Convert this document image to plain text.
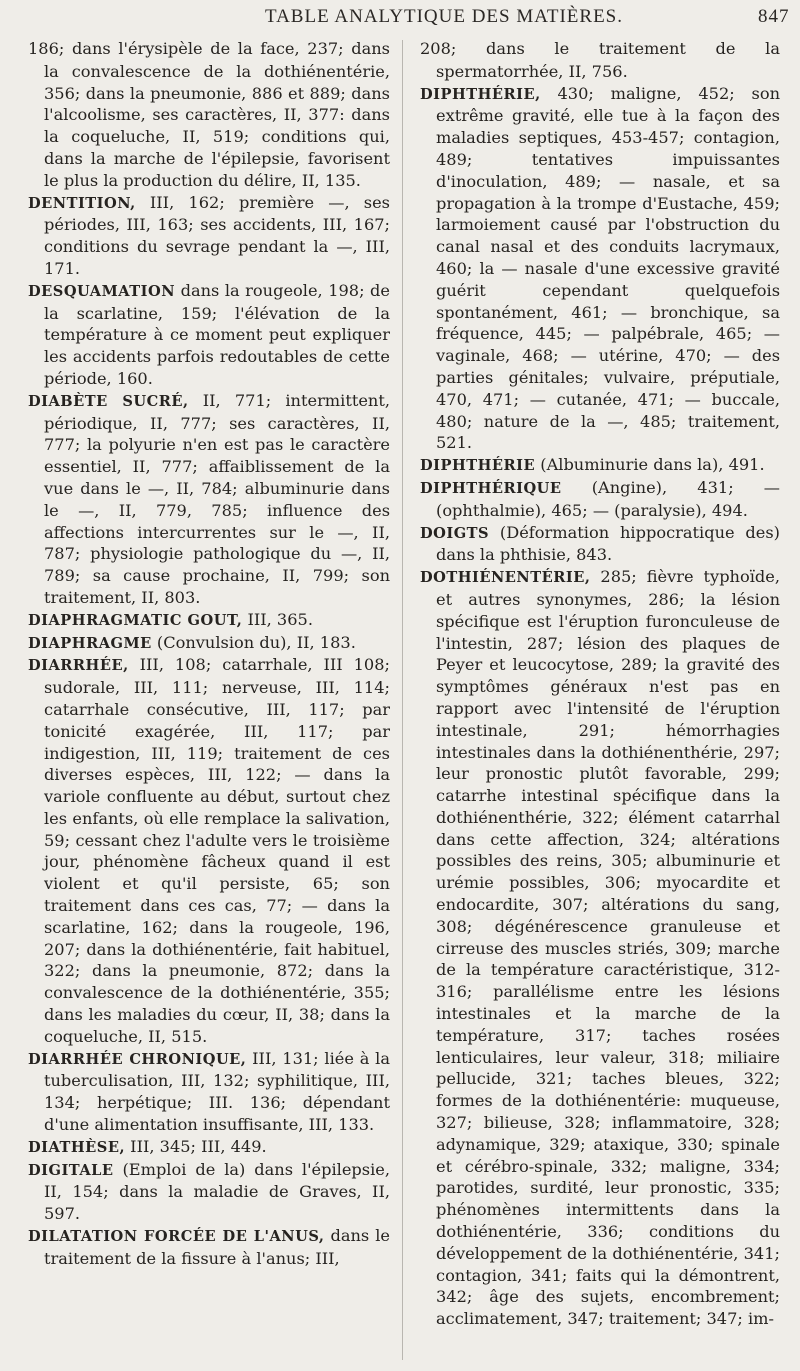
TABLE ANALYTIQUE DES MATIÈRES.	847

186; dans l'érysipèle de la face, 237; dans la convalescence de la dothiénentérie, 356; dans la pneumonie, 886 et 889; dans l'alcoolisme, ses caractères, II, 377: dans la coqueluche, II, 519; conditions qui, dans la marche de l'épilepsie, favorisent le plus la production du délire, II, 135.

DENTITION, III, 162; première —, ses périodes, III, 163; ses accidents, III, 167; conditions du sevrage pendant la —, III, 171.

DESQUAMATION dans la rougeole, 198; de la scarlatine, 159; l'élévation de la température à ce moment peut expliquer les accidents parfois redoutables de cette période, 160.

DIABÈTE SUCRÉ, II, 771; intermittent, périodique, II, 777; ses caractères, II, 777; la polyurie n'en est pas le caractère essentiel, II, 777; affaiblissement de la vue dans le —, II, 784; albuminurie dans le —, II, 779, 785; influence des affections intercurrentes sur le —, II, 787; physiologie pathologique du —, II, 789; sa cause prochaine, II, 799; son traitement, II, 803.

DIAPHRAGMATIC GOUT, III, 365.

DIAPHRAGME (Convulsion du), II, 183.

DIARRHÉE, III, 108; catarrhale, III 108; sudorale, III, 111; nerveuse, III, 114; catarrhale consécutive, III, 117; par tonicité exagérée, III, 117; par indigestion, III, 119; traitement de ces diverses espèces, III, 122; — dans la variole confluente au début, surtout chez les enfants, où elle remplace la salivation, 59; cessant chez l'adulte vers le troisième jour, phénomène fâcheux quand il est violent et qu'il persiste, 65; son traitement dans ces cas, 77; — dans la scarlatine, 162; dans la rougeole, 196, 207; dans la dothiénentérie, fait habituel, 322; dans la pneumonie, 872; dans la convalescence de la dothiénentérie, 355; dans les maladies du cœur, II, 38; dans la coqueluche, II, 515.

DIARRHÉE CHRONIQUE, III, 131; liée à la tuberculisation, III, 132; syphilitique, III, 134; herpétique; III. 136; dépendant d'une alimentation insuffisante, III, 133.

DIATHÈSE, III, 345; III, 449.

DIGITALE (Emploi de la) dans l'épilepsie, II, 154; dans la maladie de Graves, II, 597.

DILATATION FORCÉE DE L'ANUS, dans le traitement de la fissure à l'anus; III,

208; dans le traitement de la spermatorrhée, II, 756.

DIPHTHÉRIE, 430; maligne, 452; son extrême gravité, elle tue à la façon des maladies septiques, 453-457; contagion, 489; tentatives impuissantes d'inoculation, 489; — nasale, et sa propagation à la trompe d'Eustache, 459; larmoiement causé par l'obstruction du canal nasal et des conduits lacrymaux, 460; la — nasale d'une excessive gravité guérit cependant quelquefois spontanément, 461; — bronchique, sa fréquence, 445; — palpébrale, 465; — vaginale, 468; — utérine, 470; — des parties génitales; vulvaire, préputiale, 470, 471; — cutanée, 471; — buccale, 480; nature de la —, 485; traitement, 521.

DIPHTHÉRIE (Albuminurie dans la), 491.

DIPHTHÉRIQUE (Angine), 431; — (ophthalmie), 465; — (paralysie), 494.

DOIGTS (Déformation hippocratique des) dans la phthisie, 843.

DOTHIÉNENTÉRIE, 285; fièvre typhoïde, et autres synonymes, 286; la lésion spécifique est l'éruption furonculeuse de l'intestin, 287; lésion des plaques de Peyer et leucocytose, 289; la gravité des symptômes généraux n'est pas en rapport avec l'intensité de l'éruption intestinale, 291; hémorrhagies intestinales dans la dothiénenthérie, 297; leur pronostic plutôt favorable, 299; catarrhe intestinal spécifique dans la dothiénenthérie, 322; élément catarrhal dans cette affection, 324; altérations possibles des reins, 305; albuminurie et urémie possibles, 306; myocardite et endocardite, 307; altérations du sang, 308; dégénérescence granuleuse et cirreuse des muscles striés, 309; marche de la température caractéristique, 312-316; parallélisme entre les lésions intestinales et la marche de la température, 317; taches rosées lenticulaires, leur valeur, 318; miliaire pellucide, 321; taches bleues, 322; formes de la dothiénentérie: muqueuse, 327; bilieuse, 328; inflammatoire, 328; adynamique, 329; ataxique, 330; spinale et cérébro-spinale, 332; maligne, 334; parotides, surdité, leur pronostic, 335; phénomènes intermittents dans la dothiénentérie, 336; conditions du développement de la dothiénentérie, 341; contagion, 341; faits qui la démontrent, 342; âge des sujets, encombrement; acclimatement, 347; traitement; 347; im-
